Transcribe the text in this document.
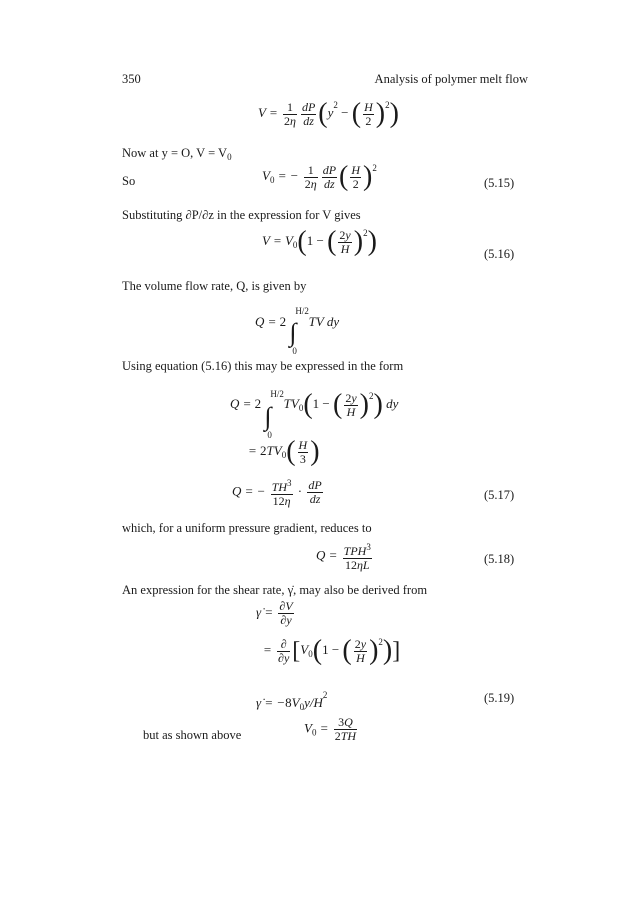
350	Analysis of polymer melt flow
$V = \frac{1}{2\eta} \frac{dP}{dz} (y^2$ − ( $\frac{H}{2} )^2$)
Now at y = O, $V = V_0$
So	$V_0$ = − $\frac{1}{2\eta} \frac{dP}{dz}$ ( $\frac{H}{2} )^2$
(5.15)
Substituting ∂P/∂z in the expression for V gives
$V = V_0(1$ − ( $\frac{2y}{H} )^2$)	(5.16)
The volume flow rate, Q, is given by
Q = 2
H/2
∫
0
TV dy
Using equation (5.16) this may be expressed in the form
Q = 2
H/2
∫
0
$TV_0(1$ − ( $\frac{2y}{H} )^2$) dy
= $2TV_0( \frac{H}{3}$ )
Q = − $\frac{TH^3}{12\eta} \cdot \frac{dP}{dz}$	(5.17)
which, for a uniform pressure gradient, reduces to
$Q = \frac{TPH^3}{12\eta L}$	(5.18)
An expression for the shear rate, γ̇, may also be derived from
γ̇ = $\frac{\partial V}{\partial y}$
= $\frac{\partial}{\partial y} [V_0(1$ − ( $\frac{2y}{H} )^2$)]
γ̇ = $-8V_0y/H^2$	(5.19)
but as shown above	$V_0 = \frac{3Q}{2TH}$
